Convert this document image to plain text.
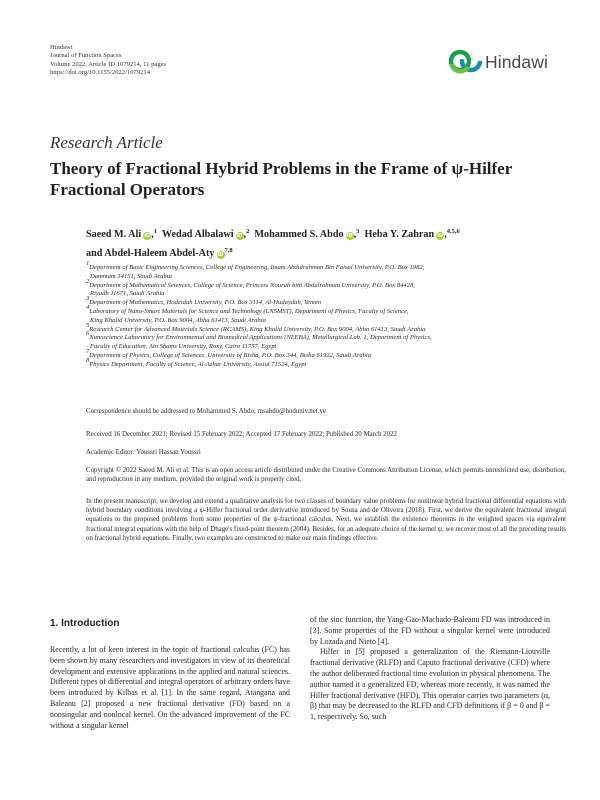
Hindawi
Journal of Function Spaces
Volume 2022, Article ID 1079214, 11 pages
https://doi.org/10.1155/2022/1079214
Hindawi
Research Article
Theory of Fractional Hybrid Problems in the Frame of ψ-Hilfer Fractional Operators
Saeed M. Ali iD,$^1$ Wedad Albalawi iD,$^2$ Mohammed S. Abdo iD,$^3$ Heba Y. Zahran iD,$^{4,5,6}$
and Abdel-Haleem Abdel-Aty iD$^{7,8}$
$^1$Department of Basic Engineering Sciences, College of Engineering, Imam Abdulrahman Bin Faisal University, P.O. Box 1982,
Dammam 34151, Saudi Arabia
$^2$Department of Mathematical Sciences, College of Science, Princess Nourah bint Abdulrahman University, P.O. Box 84428,
Riyadh 11671, Saudi Arabia
$^3$Department of Mathematics, Hodeidah University, P.O. Box 3114, Al-Hudaydah, Yemen
$^4$Laboratory of Nano-Smart Materials for Science and Technology (LNSMST), Department of Physics, Faculty of Science,
King Khalid University, P.O. Box 9004, Abha 61413, Saudi Arabia
$^5$Research Center for Advanced Materials Science (RCAMS), King Khalid University, P.O. Box 9004, Abha 61413, Saudi Arabia
$^6$Nanoscience Laboratory for Environmental and Biomedical Applications (NLEBA), Metallurgical Lab. 1, Department of Physics,
Faculty of Education, Ain Shams University, Roxy, Cairo 11757, Egypt
$^7$Department of Physics, College of Sciences, University of Bisha, P.O. Box 344, Bisha 61922, Saudi Arabia
$^8$Physics Department, Faculty of Science, Al-Azhar University, Assiut 71524, Egypt
Correspondence should be addressed to Mohammed S. Abdo; msabdo@hoduniv.net.ye
Received 16 December 2021; Revised 15 February 2022; Accepted 17 February 2022; Published 20 March 2022
Academic Editor: Youssri Hassan Youssri
Copyright © 2022 Saeed M. Ali et al. This is an open access article distributed under the Creative Commons Attribution License, which permits unrestricted use, distribution, and reproduction in any medium, provided the original work is properly cited.
In the present manuscript, we develop and extend a qualitative analysis for two classes of boundary value problems for nonlinear hybrid fractional differential equations with hybrid boundary conditions involving a ψ-Hilfer fractional order derivative introduced by Sousa and de Oliveira (2018). First, we derive the equivalent fractional integral equations to the proposed problems from some properties of the ψ-fractional calculus. Next, we establish the existence theorems in the weighted spaces via equivalent fractional integral equations with the help of Dhage's fixed-point theorem (2004). Besides, for an adequate choice of the kernel ψ, we recover most of all the preceding results on fractional hybrid equations. Finally, two examples are constructed to make our main findings effective.
1. Introduction
Recently, a lot of keen interest in the topic of fractional calculus (FC) has been shown by many researchers and investigators in view of its theoretical development and extensive applications in the applied and natural sciences. Different types of differential and integral operators of arbitrary orders have been introduced by Kilbas et al. [1]. In the same regard, Atangana and Baleanu [2] proposed a new fractional derivative (FD) based on a nonsingular and nonlocal kernel. On the advanced improvement of the FC without a singular kernel

of the sinc function, the Yang-Gao-Machado-Baleanu FD was introduced in [3]. Some properties of the FD without a singular kernel were introduced by Lozada and Nieto [4].

Hilfer in [5] proposed a generalization of the Riemann-Liouville fractional derivative (RLFD) and Caputo fractional derivative (CFD) where the author deliberated fractional time evolution in physical phenomena. The author named it a generalized FD, whereas more recently, it was named the Hilfer fractional derivative (HFD). This operator carries two parameters (α, β) that may be decreased to the RLFD and CFD definitions if β = 0 and β = 1, respectively. So, such
